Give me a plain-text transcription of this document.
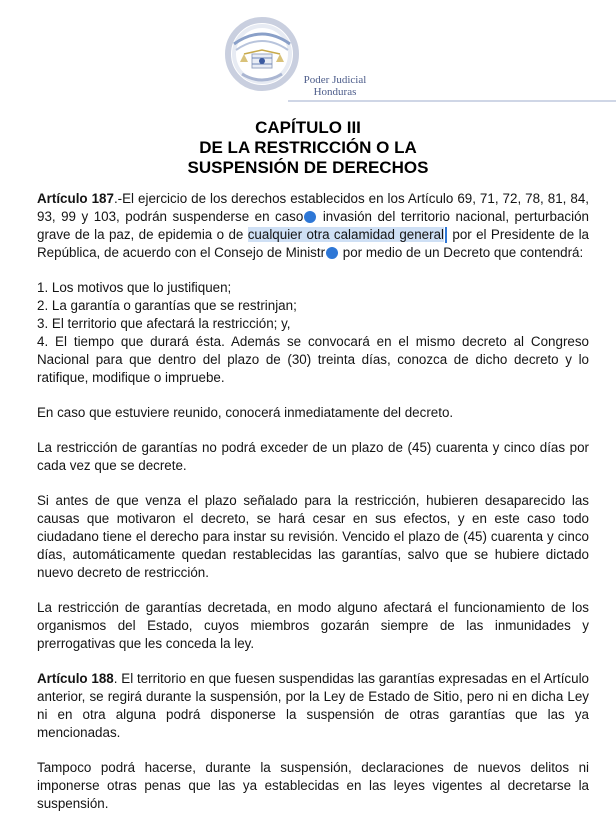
Poder Judicial
Honduras
CAPÍTULO III
DE LA RESTRICCIÓN O LA
SUSPENSIÓN DE DERECHOS

Artículo 187.-El ejercicio de los derechos establecidos en los Artículo 69, 71, 72, 78, 81, 84, 93, 99 y 103, podrán suspenderse en caso invasión del territorio nacional, perturbación grave de la paz, de epidemia o de cualquier otra calamidad general por el Presidente de la República, de acuerdo con el Consejo de Ministr por medio de un Decreto que contendrá:

1. Los motivos que lo justifiquen;
2. La garantía o garantías que se restrinjan;
3. El territorio que afectará la restricción; y,
4. El tiempo que durará ésta. Además se convocará en el mismo decreto al Congreso Nacional para que dentro del plazo de (30) treinta días, conozca de dicho decreto y lo ratifique, modifique o impruebe.

En caso que estuviere reunido, conocerá inmediatamente del decreto.

La restricción de garantías no podrá exceder de un plazo de (45) cuarenta y cinco días por cada vez que se decrete.

Si antes de que venza el plazo señalado para la restricción, hubieren desaparecido las causas que motivaron el decreto, se hará cesar en sus efectos, y en este caso todo ciudadano tiene el derecho para instar su revisión. Vencido el plazo de (45) cuarenta y cinco días, automáticamente quedan restablecidas las garantías, salvo que se hubiere dictado nuevo decreto de restricción.

La restricción de garantías decretada, en modo alguno afectará el funcionamiento de los organismos del Estado, cuyos miembros gozarán siempre de las inmunidades y prerrogativas que les conceda la ley.

Artículo 188. El territorio en que fuesen suspendidas las garantías expresadas en el Artículo anterior, se regirá durante la suspensión, por la Ley de Estado de Sitio, pero ni en dicha Ley ni en otra alguna podrá disponerse la suspensión de otras garantías que las ya mencionadas.

Tampoco podrá hacerse, durante la suspensión, declaraciones de nuevos delitos ni imponerse otras penas que las ya establecidas en las leyes vigentes al decretarse la suspensión.
